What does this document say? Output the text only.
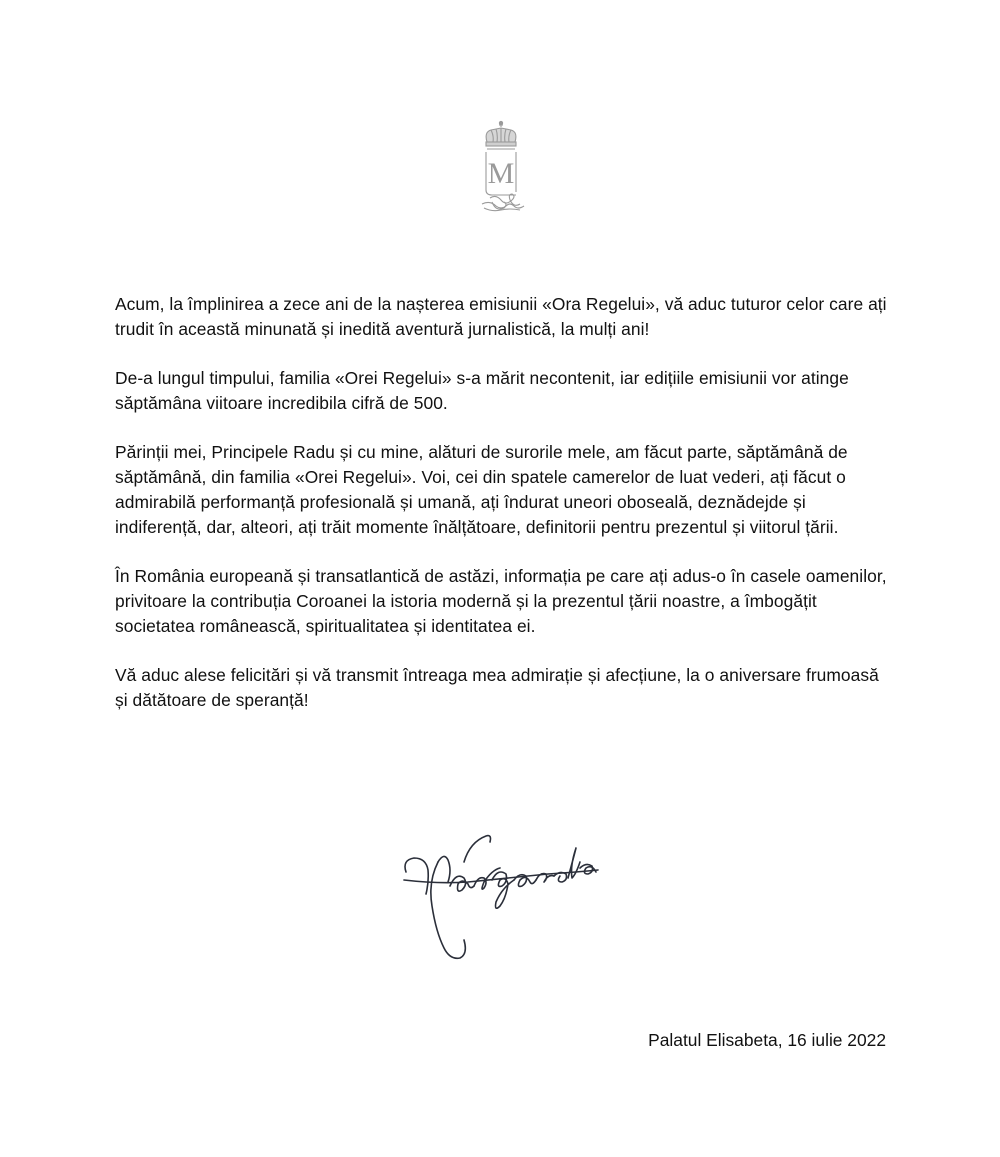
M

Acum, la împlinirea a zece ani de la nașterea emisiunii «Ora Regelui», vă aduc tuturor celor care ați trudit în această minunată și inedită aventură jurnalistică, la mulți ani!

De-a lungul timpului, familia «Orei Regelui» s-a mărit necontenit, iar edițiile emisiunii vor atinge săptămâna viitoare incredibila cifră de 500.

Părinții mei, Principele Radu și cu mine, alături de surorile mele, am făcut parte, săptămână de săptămână, din familia «Orei Regelui». Voi, cei din spatele camerelor de luat vederi, ați făcut o admirabilă performanță profesională și umană, ați îndurat uneori oboseală, deznădejde și indiferență, dar, alteori, ați trăit momente înălțătoare, definitorii pentru prezentul și viitorul țării.

În România europeană și transatlantică de astăzi, informația pe care ați adus-o în casele oamenilor, privitoare la contribuția Coroanei la istoria modernă și la prezentul țării noastre, a îmbogățit societatea românească, spiritualitatea și identitatea ei.

Vă aduc alese felicitări și vă transmit întreaga mea admirație și afecțiune, la o aniversare frumoasă și dătătoare de speranță!

Palatul Elisabeta, 16 iulie 2022
